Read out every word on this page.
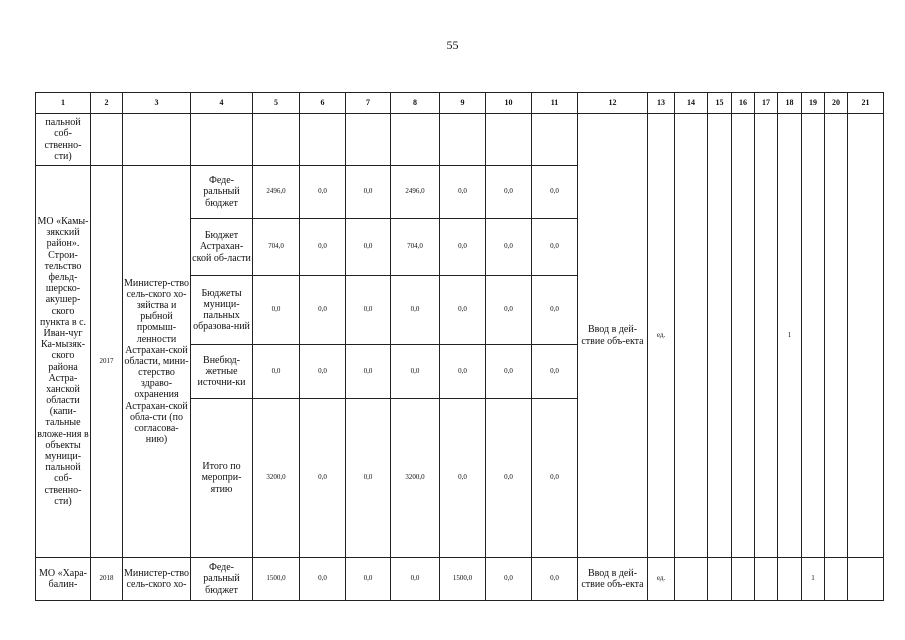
55
1	2	3	4	5	6	7	8	9	10	11	12	13	14	15	16	17	18	19	20	21
пальной соб-ственно-сти)											Ввод в дей-ствие объ-екта	ед.					1			
МО «Камы-зякский район». Строи-тельство фельд-шерско-акушер-ского пункта в с. Иван-чуг Ка-мызяк-ского района Астра-ханской области (капи-тальные вложе-ния в объекты муници-пальной соб-ственно-сти)	2017	Министер-ство сель-ского хо-зяйства и рыбной промыш-ленности Астрахан-ской области, мини-стерство здраво-охранения Астрахан-ской обла-сти (по согласова-нию)	Феде-ральный бюджет	2496,0	0,0	0,0	2496,0	0,0	0,0	0,0										
			Бюджет Астрахан-ской об-ласти	704,0	0,0	0,0	704,0	0,0	0,0	0,0										
			Бюджеты муници-пальных образова-ний	0,0	0,0	0,0	0,0	0,0	0,0	0,0										
			Внебюд-жетные источни-ки	0,0	0,0	0,0	0,0	0,0	0,0	0,0										
			Итого по меропри-ятию	3200,0	0,0	0,0	3200,0	0,0	0,0	0,0										
МО «Хара-балин-	2018	Министер-ство сель-ского хо-	Феде-ральный бюджет	1500,0	0,0	0,0	0,0	1500,0	0,0	0,0	Ввод в дей-ствие объ-екта	ед.						1		
